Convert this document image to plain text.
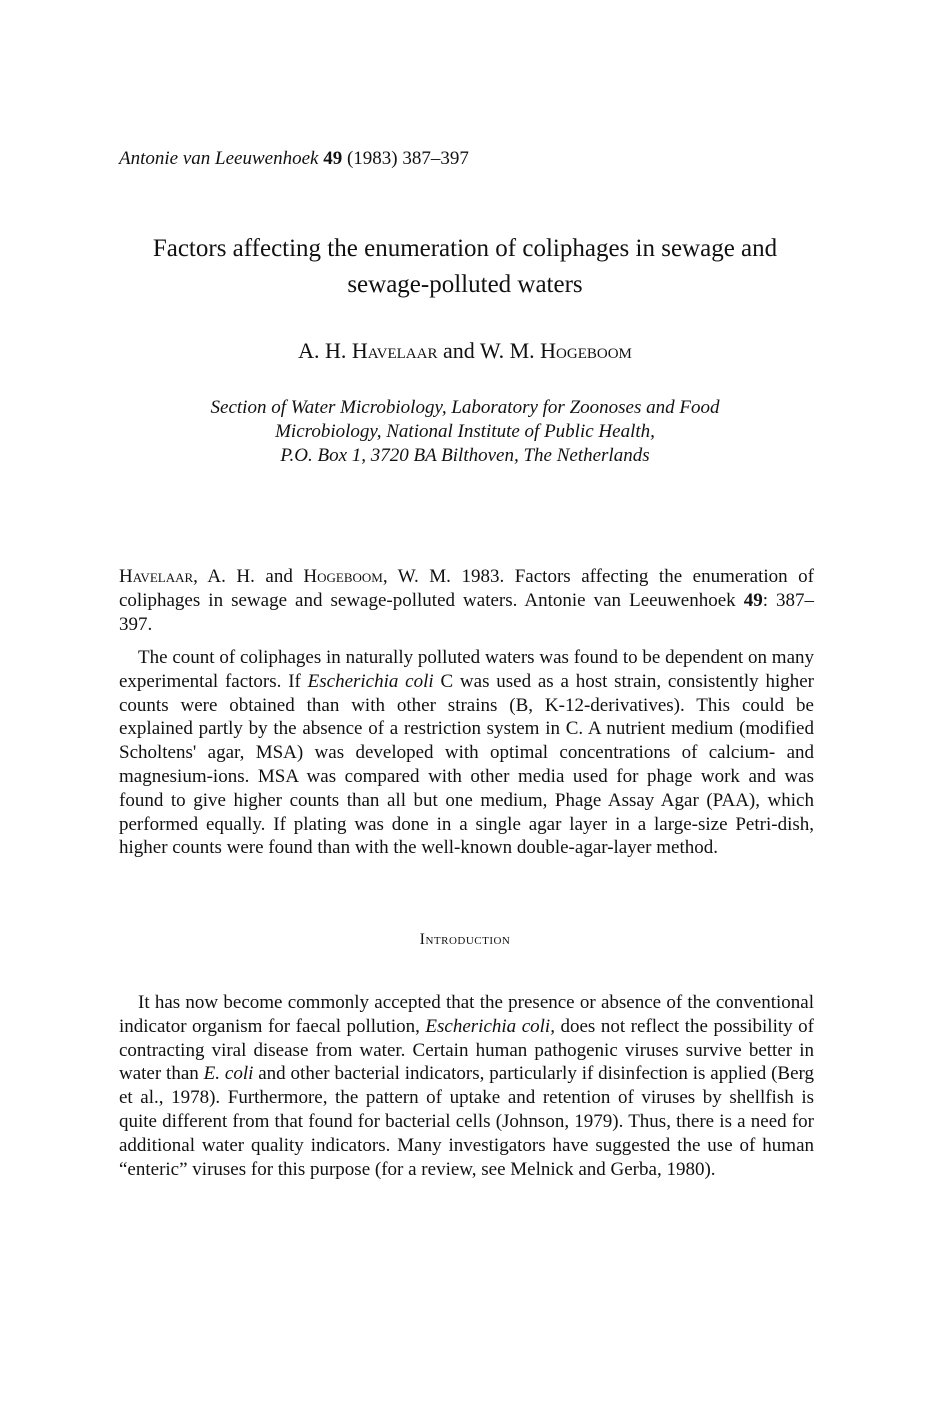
Antonie van Leeuwenhoek 49 (1983) 387–397
Factors affecting the enumeration of coliphages in sewage and
sewage-polluted waters
A. H. Havelaar and W. M. Hogeboom
Section of Water Microbiology, Laboratory for Zoonoses and Food
Microbiology, National Institute of Public Health,
P.O. Box 1, 3720 BA Bilthoven, The Netherlands

Havelaar, A. H. and Hogeboom, W. M. 1983. Factors affecting the enumeration of coliphages in sewage and sewage-polluted waters. Antonie van Leeuwenhoek 49: 387–397.

The count of coliphages in naturally polluted waters was found to be dependent on many experimental factors. If Escherichia coli C was used as a host strain, consistently higher counts were obtained than with other strains (B, K-12-derivatives). This could be explained partly by the absence of a restriction system in C. A nutrient medium (modified Scholtens' agar, MSA) was developed with optimal concentrations of calcium- and magnesium-ions. MSA was compared with other media used for phage work and was found to give higher counts than all but one medium, Phage Assay Agar (PAA), which performed equally. If plating was done in a single agar layer in a large-size Petri-dish, higher counts were found than with the well-known double-agar-layer method.

Introduction

It has now become commonly accepted that the presence or absence of the conventional indicator organism for faecal pollution, Escherichia coli, does not reflect the possibility of contracting viral disease from water. Certain human pathogenic viruses survive better in water than E. coli and other bacterial indicators, particularly if disinfection is applied (Berg et al., 1978). Furthermore, the pattern of uptake and retention of viruses by shellfish is quite different from that found for bacterial cells (Johnson, 1979). Thus, there is a need for additional water quality indicators. Many investigators have suggested the use of human “enteric” viruses for this purpose (for a review, see Melnick and Gerba, 1980).
